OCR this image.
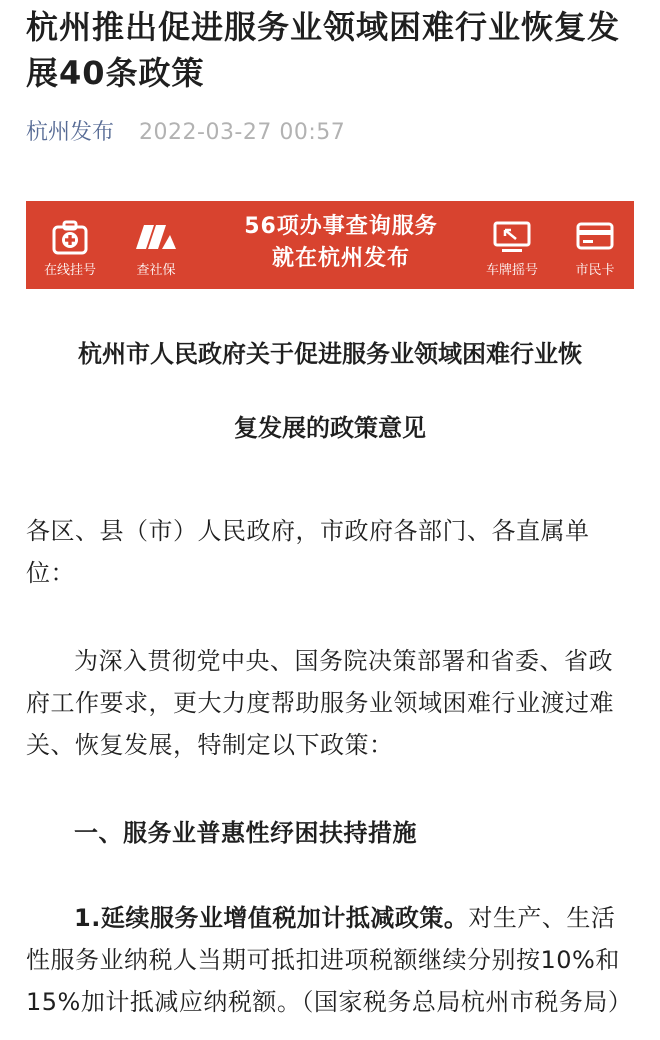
杭州推出促进服务业领域困难行业恢复发展40条政策
杭州发布 2022-03-27 00:57
在线挂号	查社保
56项办事查询服务
就在杭州发布	车牌摇号	市民卡
杭州市人民政府关于促进服务业领域困难行业恢
复发展的政策意见

各区、县（市）人民政府，市政府各部门、各直属单位：

为深入贯彻党中央、国务院决策部署和省委、省政府工作要求，更大力度帮助服务业领域困难行业渡过难关、恢复发展，特制定以下政策：

一、服务业普惠性纾困扶持措施

1.延续服务业增值税加计抵减政策。对生产、生活性服务业纳税人当期可抵扣进项税额继续分别按10%和15%加计抵减应纳税额。（国家税务总局杭州市税务局）
